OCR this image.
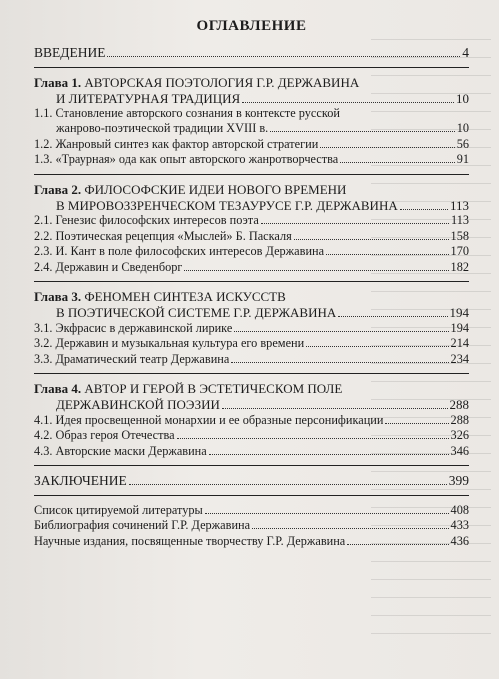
ОГЛАВЛЕНИЕ
ВВЕДЕНИЕ	4
Глава 1. АВТОРСКАЯ ПОЭТОЛОГИЯ Г.Р. ДЕРЖАВИНА
И ЛИТЕРАТУРНАЯ ТРАДИЦИЯ	10
1.1. Становление авторского сознания в контексте русской
жанрово-поэтической традиции XVIII в.	10
1.2. Жанровый синтез как фактор авторской стратегии	56
1.3. «Траурная» ода как опыт авторского жанротворчества	91
Глава 2. ФИЛОСОФСКИЕ ИДЕИ НОВОГО ВРЕМЕНИ
В МИРОВОЗЗРЕНЧЕСКОМ ТЕЗАУРУСЕ Г.Р. ДЕРЖАВИНА	113
2.1. Генезис философских интересов поэта	113
2.2. Поэтическая рецепция «Мыслей» Б. Паскаля	158
2.3. И. Кант в поле философских интересов Державина	170
2.4. Державин и Сведенборг	182
Глава 3. ФЕНОМЕН СИНТЕЗА ИСКУССТВ
В ПОЭТИЧЕСКОЙ СИСТЕМЕ Г.Р. ДЕРЖАВИНА	194
3.1. Экфрасис в державинской лирике	194
3.2. Державин и музыкальная культура его времени	214
3.3. Драматический театр Державина	234
Глава 4. АВТОР И ГЕРОЙ В ЭСТЕТИЧЕСКОМ ПОЛЕ
ДЕРЖАВИНСКОЙ ПОЭЗИИ	288
4.1. Идея просвещенной монархии и ее образные персонификации	288
4.2. Образ героя Отечества	326
4.3. Авторские маски Державина	346
ЗАКЛЮЧЕНИЕ	399
Список цитируемой литературы	408
Библиография сочинений Г.Р. Державина	433
Научные издания, посвященные творчеству Г.Р. Державина	436
